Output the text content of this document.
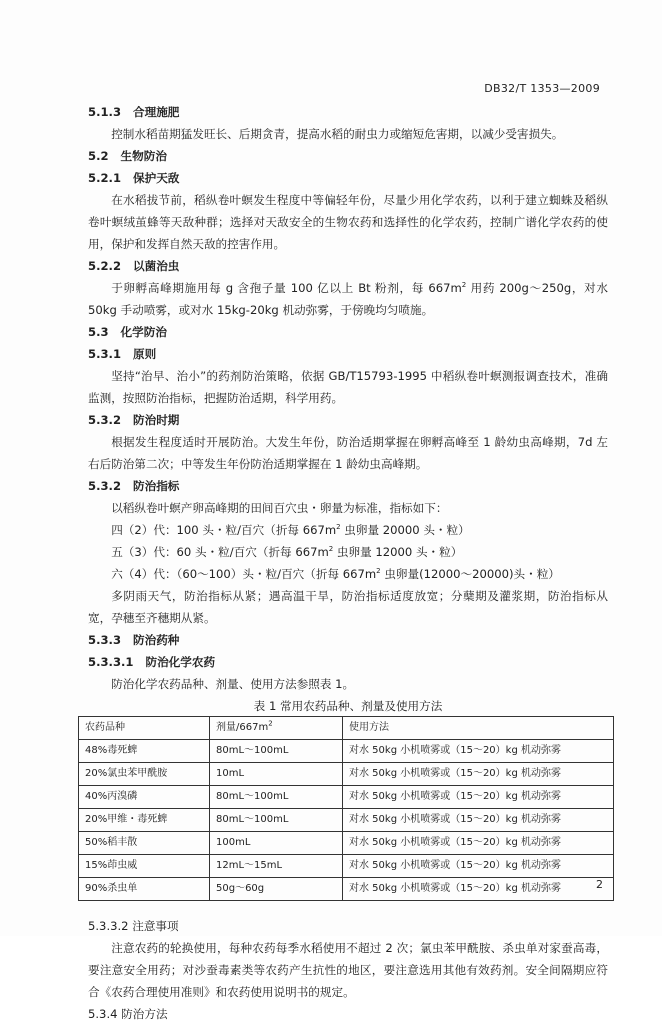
DB32/T 1353—2009
5.1.3 合理施肥
控制水稻苗期猛发旺长、后期贪青，提高水稻的耐虫力或缩短危害期，以减少受害损失。
5.2 生物防治
5.2.1 保护天敌
在水稻拔节前，稻纵卷叶螟发生程度中等偏轻年份，尽量少用化学农药，以利于建立蜘蛛及稻纵卷叶螟绒茧蜂等天敌种群；选择对天敌安全的生物农药和选择性的化学农药，控制广谱化学农药的使用，保护和发挥自然天敌的控害作用。
5.2.2 以菌治虫
于卵孵高峰期施用每 g 含孢子量 100 亿以上 Bt 粉剂，每 $667m^2$ 用药 200g～250g，对水 50kg 手动喷雾，或对水 15kg-20kg 机动弥雾，于傍晚均匀喷施。
5.3 化学防治
5.3.1 原则
坚持“治早、治小”的药剂防治策略，依据 GB/T15793-1995 中稻纵卷叶螟测报调查技术，准确监测，按照防治指标，把握防治适期，科学用药。
5.3.2 防治时期
根据发生程度适时开展防治。大发生年份，防治适期掌握在卵孵高峰至 1 龄幼虫高峰期，7d 左右后防治第二次；中等发生年份防治适期掌握在 1 龄幼虫高峰期。
5.3.2 防治指标
以稻纵卷叶螟产卵高峰期的田间百穴虫・卵量为标准，指标如下：
四（2）代：100 头・粒/百穴（折每 $667m^2$ 虫卵量 20000 头・粒）
五（3）代：60 头・粒/百穴（折每 $667m^2$ 虫卵量 12000 头・粒）
六（4）代：（60～100）头・粒/百穴（折每 $667m^2$ 虫卵量(12000～20000)头・粒）
多阴雨天气，防治指标从紧；遇高温干旱，防治指标适度放宽；分蘖期及灌浆期，防治指标从宽，孕穗至齐穗期从紧。
5.3.3 防治药种
5.3.3.1 防治化学农药
防治化学农药品种、剂量、使用方法参照表 1。
表 1 常用农药品种、剂量及使用方法
农药品种	剂量$/667m^2$	使用方法
48%毒死蜱	80mL～100mL	对水 50kg 小机喷雾或（15～20）kg 机动弥雾
20%氯虫苯甲酰胺	10mL	对水 50kg 小机喷雾或（15～20）kg 机动弥雾
40%丙溴磷	80mL～100mL	对水 50kg 小机喷雾或（15～20）kg 机动弥雾
20%甲维・毒死蜱	80mL～100mL	对水 50kg 小机喷雾或（15～20）kg 机动弥雾
50%稻丰散	100mL	对水 50kg 小机喷雾或（15～20）kg 机动弥雾
15%茚虫威	12mL～15mL	对水 50kg 小机喷雾或（15～20）kg 机动弥雾
90%杀虫单	50g～60g	对水 50kg 小机喷雾或（15～20）kg 机动弥雾
5.3.3.2 注意事项
注意农药的轮换使用，每种农药每季水稻使用不超过 2 次；氯虫苯甲酰胺、杀虫单对家蚕高毒，要注意安全用药；对沙蚕毒素类等农药产生抗性的地区，要注意选用其他有效药剂。安全间隔期应符合《农药合理使用准则》和农药使用说明书的规定。
5.3.4 防治方法
2
